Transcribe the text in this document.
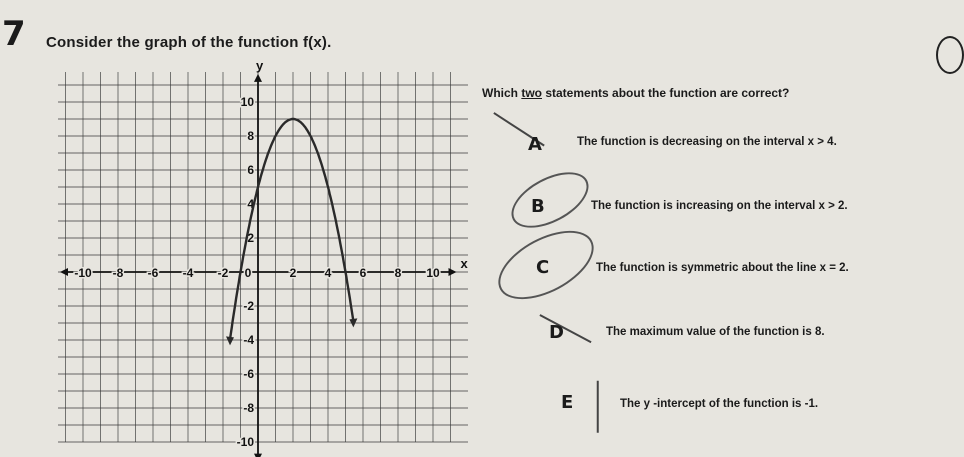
7 Consider the graph of the function f(x).
x
y
-10 -8 -6 -4 -2 0	2 4 6 8 10
10
8
6
4
2
-2
-4
-6
-8
-10
Which two statements about the function are correct?
A	The function is decreasing on the interval x > 4.
B	The function is increasing on the interval x > 2.
C	The function is symmetric about the line x = 2.
D	The maximum value of the function is 8.
E	The y -intercept of the function is -1.
